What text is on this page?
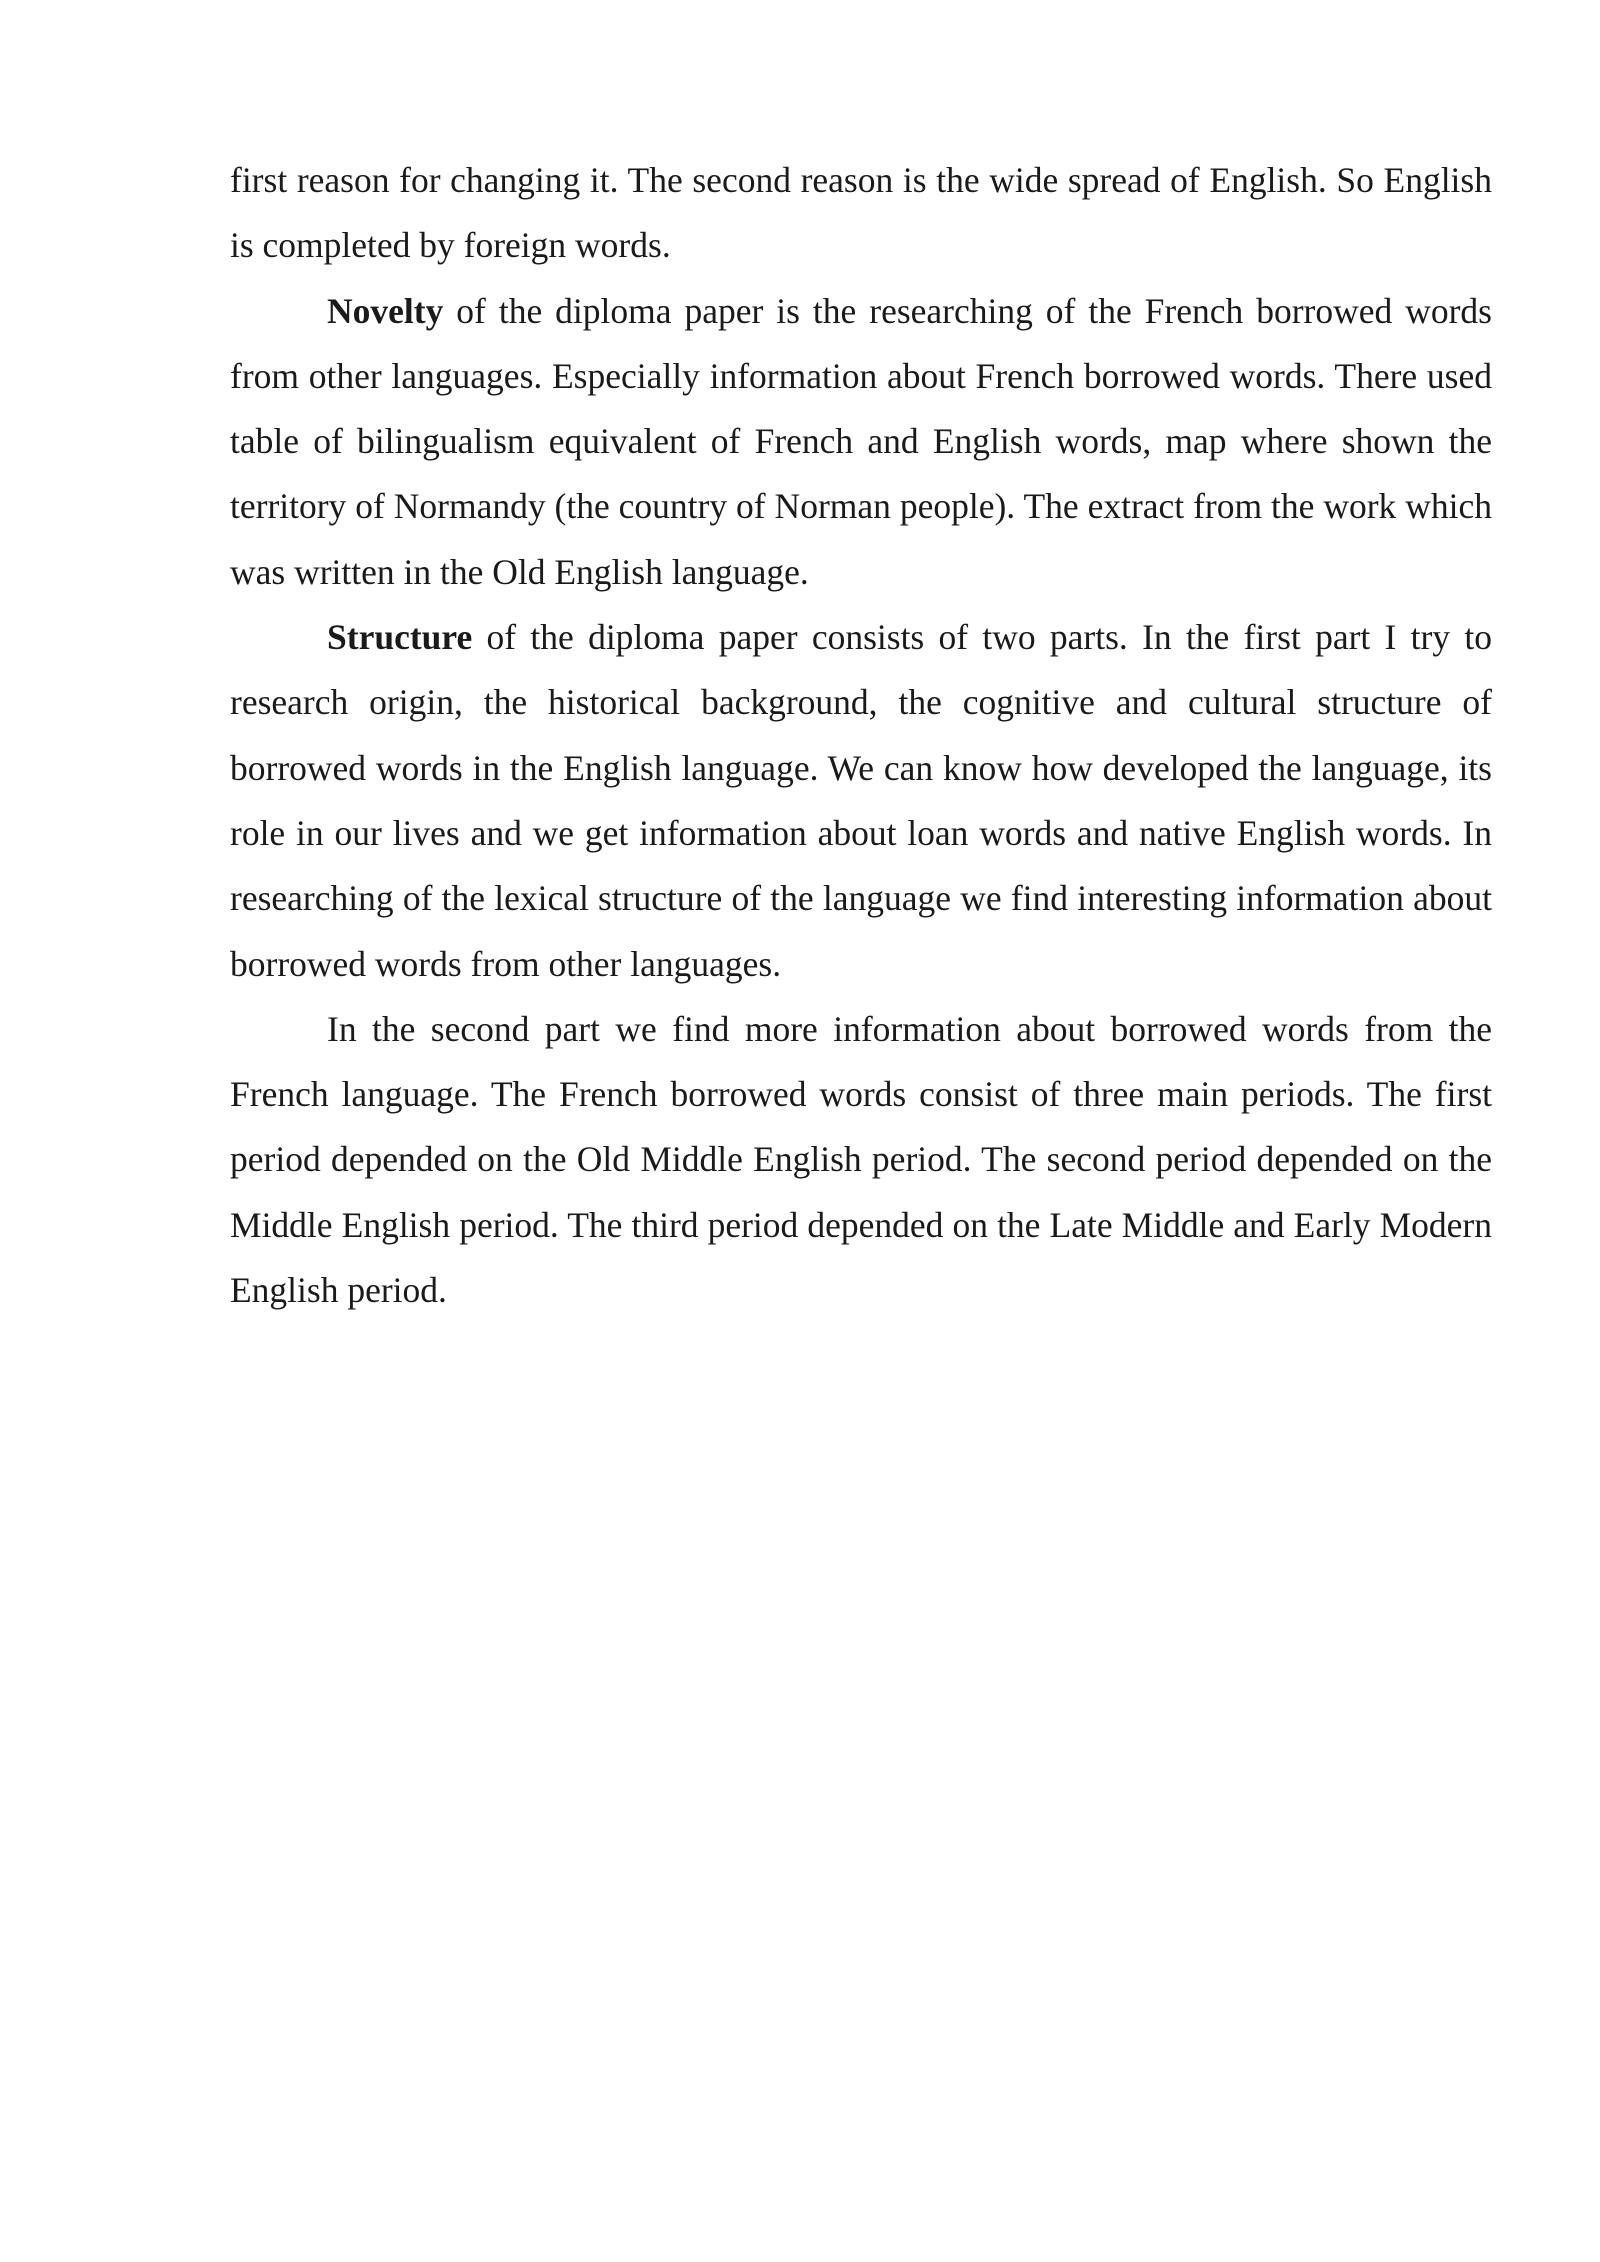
first reason for changing it. The second reason is the wide spread of English. So English is completed by foreign words.

Novelty of the diploma paper is the researching of the French borrowed words from other languages. Especially information about French borrowed words. There used table of bilingualism equivalent of French and English words, map where shown the territory of Normandy (the country of Norman people). The extract from the work which was written in the Old English language.

Structure of the diploma paper consists of two parts. In the first part I try to research origin, the historical background, the cognitive and cultural structure of borrowed words in the English language. We can know how developed the language, its role in our lives and we get information about loan words and native English words. In researching of the lexical structure of the language we find interesting information about borrowed words from other languages.

In the second part we find more information about borrowed words from the French language. The French borrowed words consist of three main periods. The first period depended on the Old Middle English period. The second period depended on the Middle English period. The third period depended on the Late Middle and Early Modern English period.
